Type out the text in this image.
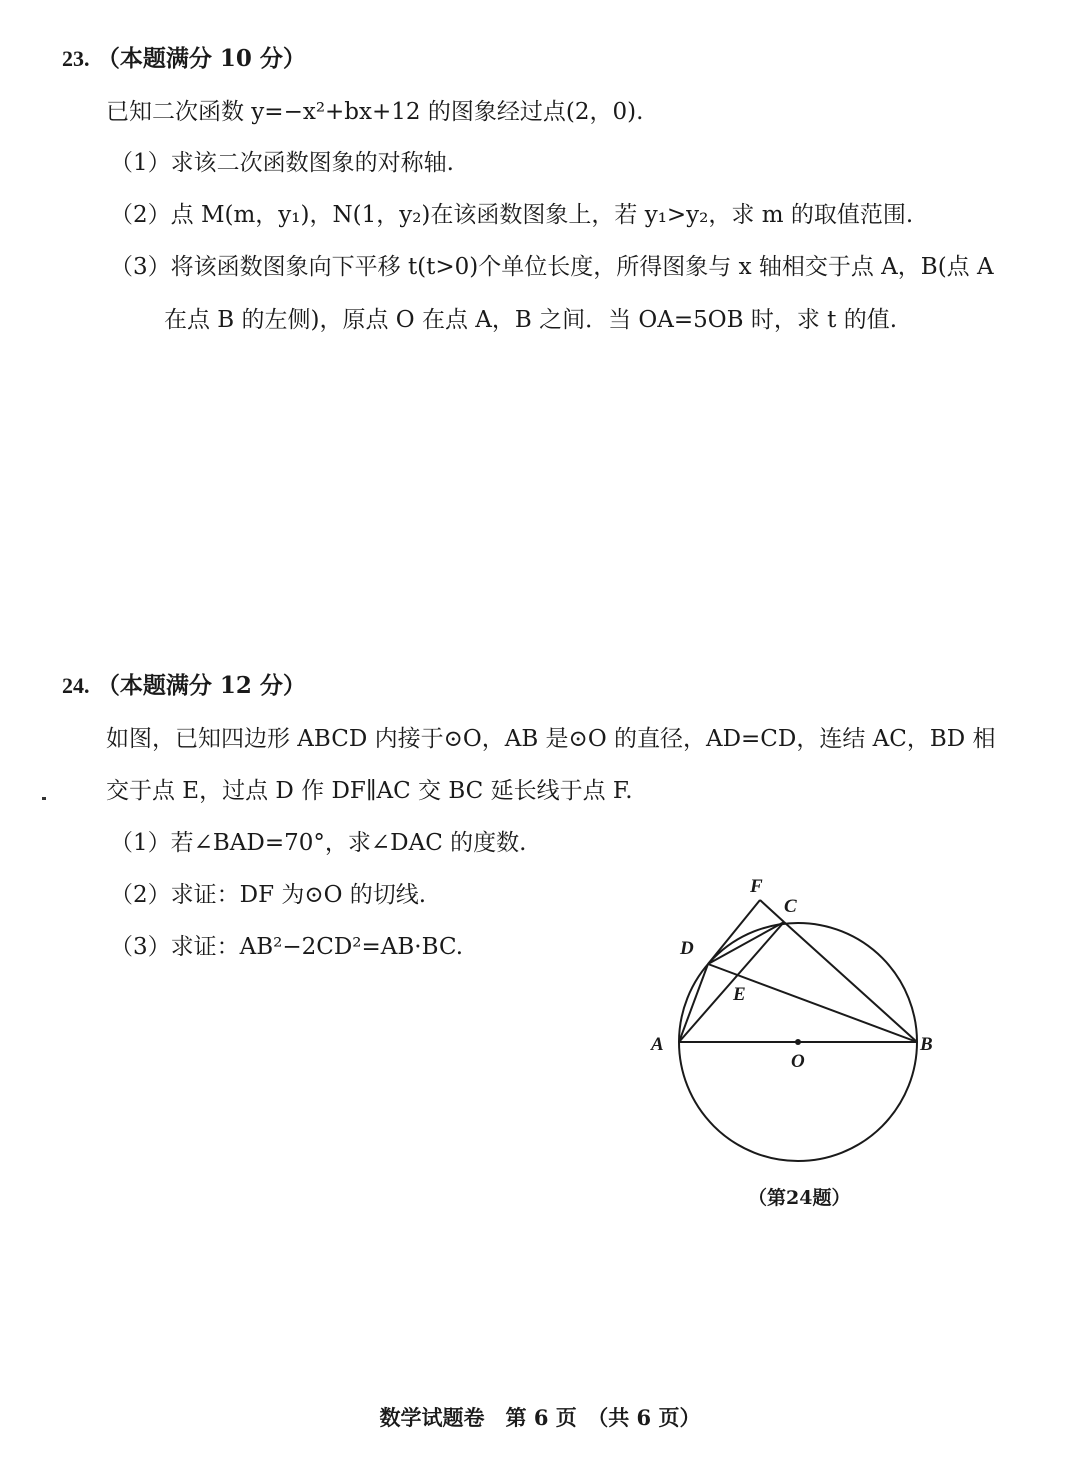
23. （本题满分 10 分）
已知二次函数 y=−x²+bx+12 的图象经过点(2，0).
（1）求该二次函数图象的对称轴.
（2）点 M(m，y₁)，N(1，y₂)在该函数图象上，若 y₁>y₂，求 m 的取值范围.
（3）将该函数图象向下平移 t(t>0)个单位长度，所得图象与 x 轴相交于点 A，B(点 A
在点 B 的左侧)，原点 O 在点 A，B 之间．当 OA=5OB 时，求 t 的值.
24. （本题满分 12 分）
如图，已知四边形 ABCD 内接于⊙O，AB 是⊙O 的直径，AD=CD，连结 AC，BD 相
交于点 E，过点 D 作 DF∥AC 交 BC 延长线于点 F.
（1）若∠BAD=70°，求∠DAC 的度数.
（2）求证：DF 为⊙O 的切线.
（3）求证：AB²−2CD²=AB·BC.
A	B
C
D
E
F
O
（第24题）
数学试题卷　第 6 页　（共 6 页）
